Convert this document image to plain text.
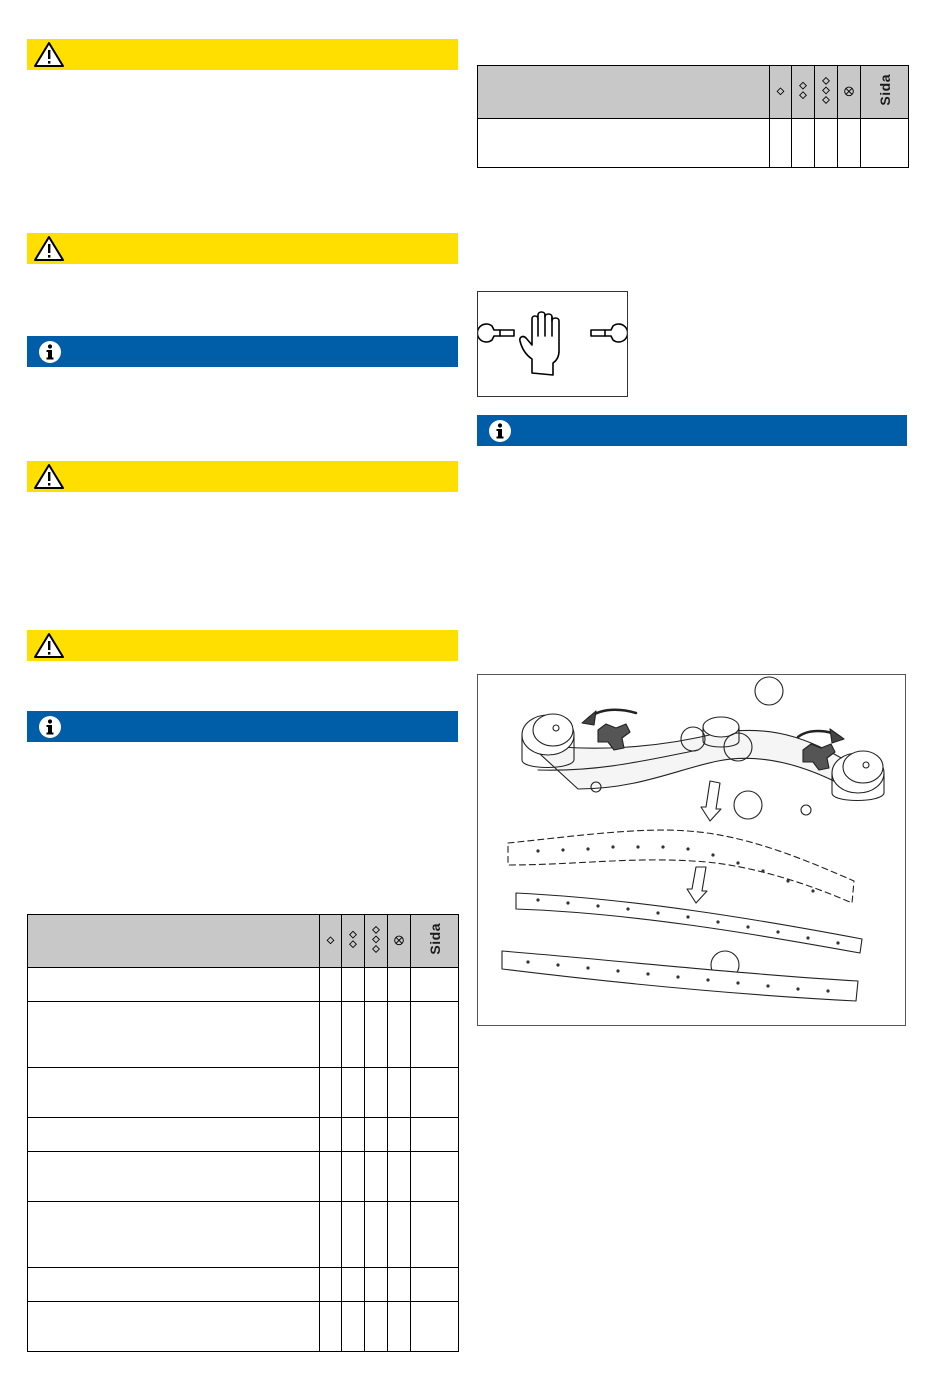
	Sida

	Sida
